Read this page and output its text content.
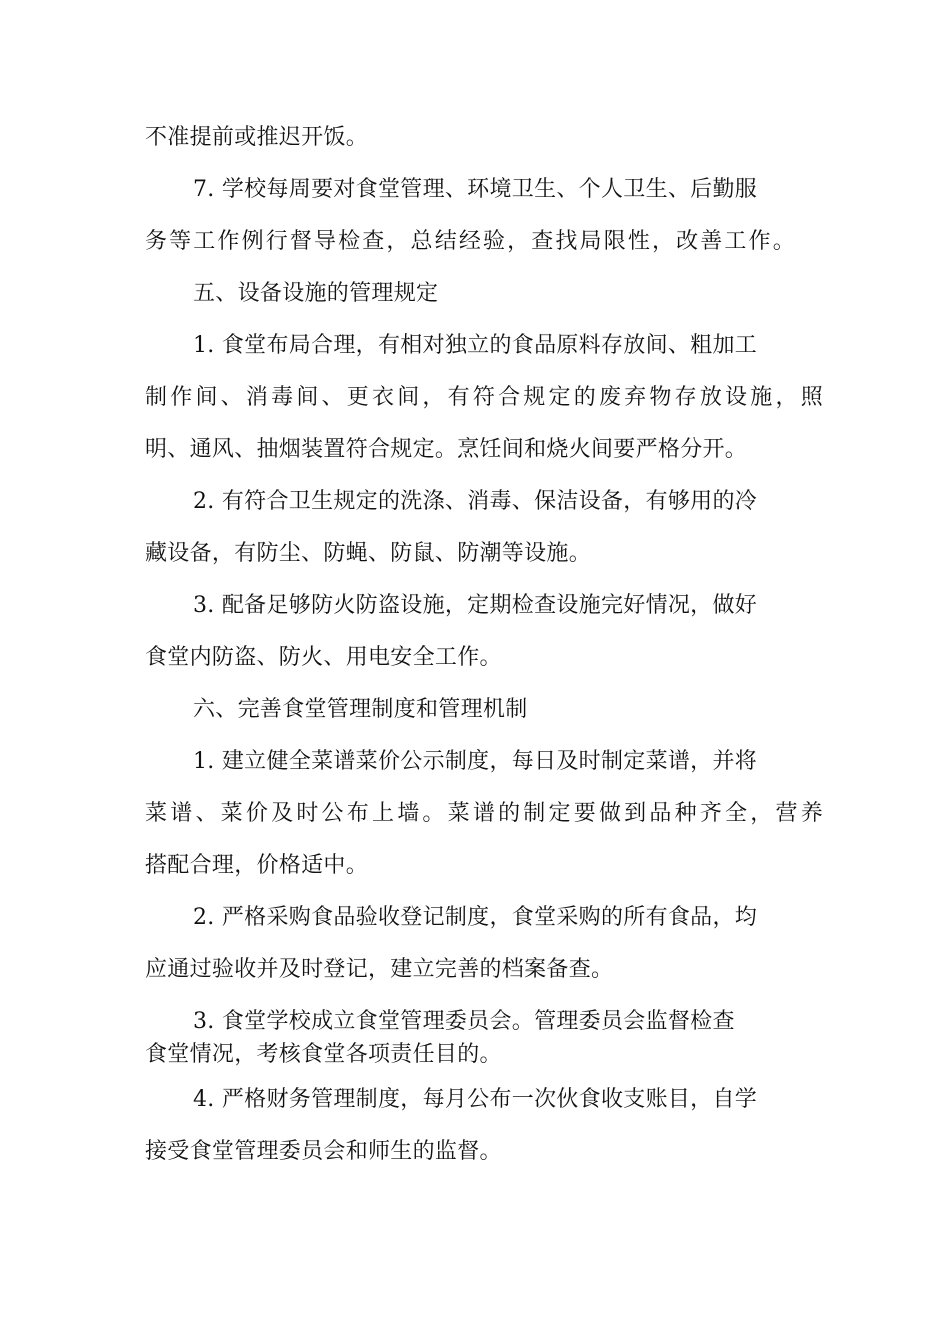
不准提前或推迟开饭。
7. 学校每周要对食堂管理、环境卫生、个人卫生、后勤服
务等工作例行督导检查，总结经验，查找局限性，改善工作。
五、设备设施的管理规定
1. 食堂布局合理，有相对独立的食品原料存放间、粗加工
制作间、消毒间、更衣间，有符合规定的废弃物存放设施，照
明、通风、抽烟装置符合规定。烹饪间和烧火间要严格分开。
2. 有符合卫生规定的洗涤、消毒、保洁设备，有够用的冷
藏设备，有防尘、防蝇、防鼠、防潮等设施。
3. 配备足够防火防盗设施，定期检查设施完好情况，做好
食堂内防盗、防火、用电安全工作。
六、完善食堂管理制度和管理机制
1. 建立健全菜谱菜价公示制度，每日及时制定菜谱，并将
菜谱、菜价及时公布上墙。菜谱的制定要做到品种齐全，营养
搭配合理，价格适中。
2. 严格采购食品验收登记制度，食堂采购的所有食品，均
应通过验收并及时登记，建立完善的档案备查。
3. 食堂学校成立食堂管理委员会。管理委员会监督检查
食堂情况，考核食堂各项责任目的。
4. 严格财务管理制度，每月公布一次伙食收支账目，自学
接受食堂管理委员会和师生的监督。
